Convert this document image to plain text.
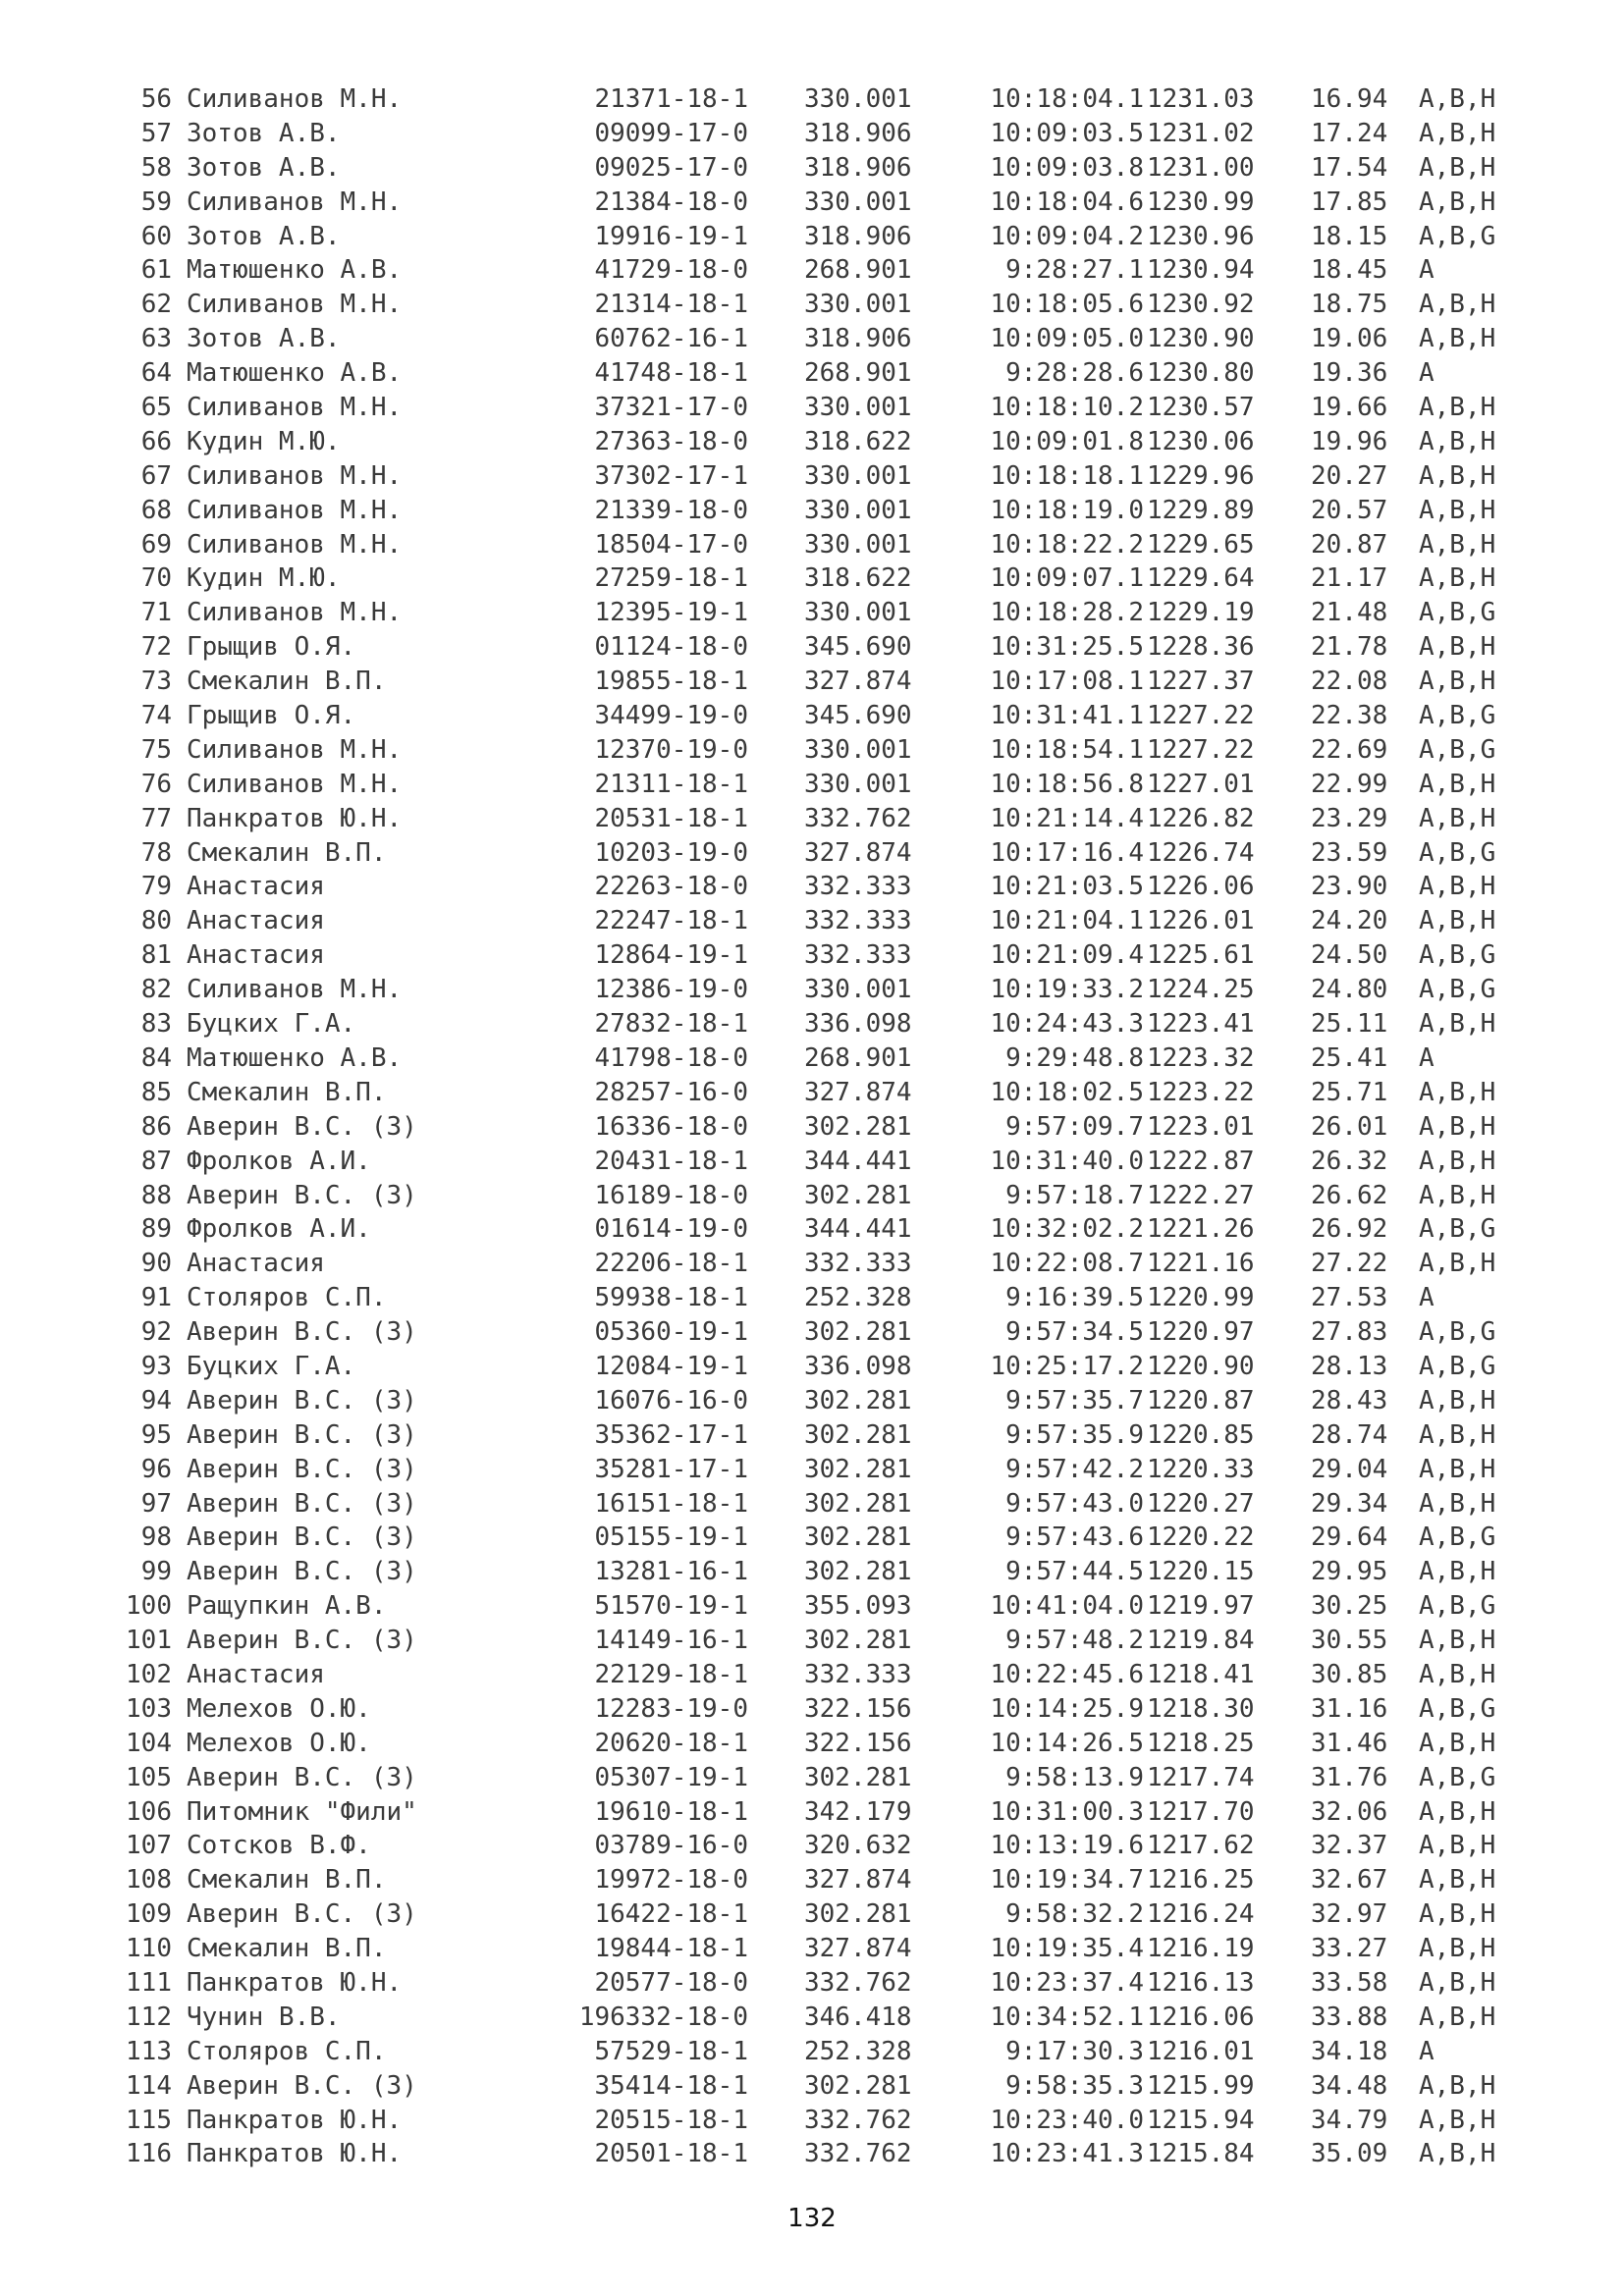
56 Силиванов М.Н.	21371-18-1 330.001	10:18:04.1 1231.03 16.94 A,B,H
57 Зотов А.В.	09099-17-0 318.906	10:09:03.5 1231.02 17.24 A,B,H
58 Зотов А.В.	09025-17-0 318.906	10:09:03.8 1231.00 17.54 A,B,H
59 Силиванов М.Н.	21384-18-0 330.001	10:18:04.6 1230.99 17.85 A,B,H
60 Зотов А.В.	19916-19-1 318.906	10:09:04.2 1230.96 18.15 A,B,G
61 Матюшенко А.В.	41729-18-0 268.901	9:28:27.1 1230.94 18.45 A
62 Силиванов М.Н.	21314-18-1 330.001	10:18:05.6 1230.92 18.75 A,B,H
63 Зотов А.В.	60762-16-1 318.906	10:09:05.0 1230.90 19.06 A,B,H
64 Матюшенко А.В.	41748-18-1 268.901	9:28:28.6 1230.80 19.36 A
65 Силиванов М.Н.	37321-17-0 330.001	10:18:10.2 1230.57 19.66 A,B,H
66 Кудин М.Ю.	27363-18-0 318.622	10:09:01.8 1230.06 19.96 A,B,H
67 Силиванов М.Н.	37302-17-1 330.001	10:18:18.1 1229.96 20.27 A,B,H
68 Силиванов М.Н.	21339-18-0 330.001	10:18:19.0 1229.89 20.57 A,B,H
69 Силиванов М.Н.	18504-17-0 330.001	10:18:22.2 1229.65 20.87 A,B,H
70 Кудин М.Ю.	27259-18-1 318.622	10:09:07.1 1229.64 21.17 A,B,H
71 Силиванов М.Н.	12395-19-1 330.001	10:18:28.2 1229.19 21.48 A,B,G
72 Грыщив О.Я.	01124-18-0 345.690	10:31:25.5 1228.36 21.78 A,B,H
73 Смекалин В.П.	19855-18-1 327.874	10:17:08.1 1227.37 22.08 A,B,H
74 Грыщив О.Я.	34499-19-0 345.690	10:31:41.1 1227.22 22.38 A,B,G
75 Силиванов М.Н.	12370-19-0 330.001	10:18:54.1 1227.22 22.69 A,B,G
76 Силиванов М.Н.	21311-18-1 330.001	10:18:56.8 1227.01 22.99 A,B,H
77 Панкратов Ю.Н.	20531-18-1 332.762	10:21:14.4 1226.82 23.29 A,B,H
78 Смекалин В.П.	10203-19-0 327.874	10:17:16.4 1226.74 23.59 A,B,G
79 Анастасия	22263-18-0 332.333	10:21:03.5 1226.06 23.90 A,B,H
80 Анастасия	22247-18-1 332.333	10:21:04.1 1226.01 24.20 A,B,H
81 Анастасия	12864-19-1 332.333	10:21:09.4 1225.61 24.50 A,B,G
82 Силиванов М.Н.	12386-19-0 330.001	10:19:33.2 1224.25 24.80 A,B,G
83 Буцких Г.А.	27832-18-1 336.098	10:24:43.3 1223.41 25.11 A,B,H
84 Матюшенко А.В.	41798-18-0 268.901	9:29:48.8 1223.32 25.41 A
85 Смекалин В.П.	28257-16-0 327.874	10:18:02.5 1223.22 25.71 A,B,H
86 Аверин В.С. (З)	16336-18-0 302.281	9:57:09.7 1223.01 26.01 A,B,H
87 Фролков А.И.	20431-18-1 344.441	10:31:40.0 1222.87 26.32 A,B,H
88 Аверин В.С. (З)	16189-18-0 302.281	9:57:18.7 1222.27 26.62 A,B,H
89 Фролков А.И.	01614-19-0 344.441	10:32:02.2 1221.26 26.92 A,B,G
90 Анастасия	22206-18-1 332.333	10:22:08.7 1221.16 27.22 A,B,H
91 Столяров С.П.	59938-18-1 252.328	9:16:39.5 1220.99 27.53 A
92 Аверин В.С. (З)	05360-19-1 302.281	9:57:34.5 1220.97 27.83 A,B,G
93 Буцких Г.А.	12084-19-1 336.098	10:25:17.2 1220.90 28.13 A,B,G
94 Аверин В.С. (З)	16076-16-0 302.281	9:57:35.7 1220.87 28.43 A,B,H
95 Аверин В.С. (З)	35362-17-1 302.281	9:57:35.9 1220.85 28.74 A,B,H
96 Аверин В.С. (З)	35281-17-1 302.281	9:57:42.2 1220.33 29.04 A,B,H
97 Аверин В.С. (З)	16151-18-1 302.281	9:57:43.0 1220.27 29.34 A,B,H
98 Аверин В.С. (З)	05155-19-1 302.281	9:57:43.6 1220.22 29.64 A,B,G
99 Аверин В.С. (З)	13281-16-1 302.281	9:57:44.5 1220.15 29.95 A,B,H
100 Ращупкин А.В.	51570-19-1 355.093	10:41:04.0 1219.97 30.25 A,B,G
101 Аверин В.С. (З)	14149-16-1 302.281	9:57:48.2 1219.84 30.55 A,B,H
102 Анастасия	22129-18-1 332.333	10:22:45.6 1218.41 30.85 A,B,H
103 Мелехов О.Ю.	12283-19-0 322.156	10:14:25.9 1218.30 31.16 A,B,G
104 Мелехов О.Ю.	20620-18-1 322.156	10:14:26.5 1218.25 31.46 A,B,H
105 Аверин В.С. (З)	05307-19-1 302.281	9:58:13.9 1217.74 31.76 A,B,G
106 Питомник "Фили"	19610-18-1 342.179	10:31:00.3 1217.70 32.06 A,B,H
107 Сотсков В.Ф.	03789-16-0 320.632	10:13:19.6 1217.62 32.37 A,B,H
108 Смекалин В.П.	19972-18-0 327.874	10:19:34.7 1216.25 32.67 A,B,H
109 Аверин В.С. (З)	16422-18-1 302.281	9:58:32.2 1216.24 32.97 A,B,H
110 Смекалин В.П.	19844-18-1 327.874	10:19:35.4 1216.19 33.27 A,B,H
111 Панкратов Ю.Н.	20577-18-0 332.762	10:23:37.4 1216.13 33.58 A,B,H
112 Чунин В.В.	196332-18-0 346.418	10:34:52.1 1216.06 33.88 A,B,H
113 Столяров С.П.	57529-18-1 252.328	9:17:30.3 1216.01 34.18 A
114 Аверин В.С. (З)	35414-18-1 302.281	9:58:35.3 1215.99 34.48 A,B,H
115 Панкратов Ю.Н.	20515-18-1 332.762	10:23:40.0 1215.94 34.79 A,B,H
116 Панкратов Ю.Н.	20501-18-1 332.762	10:23:41.3 1215.84 35.09 A,B,H
132
